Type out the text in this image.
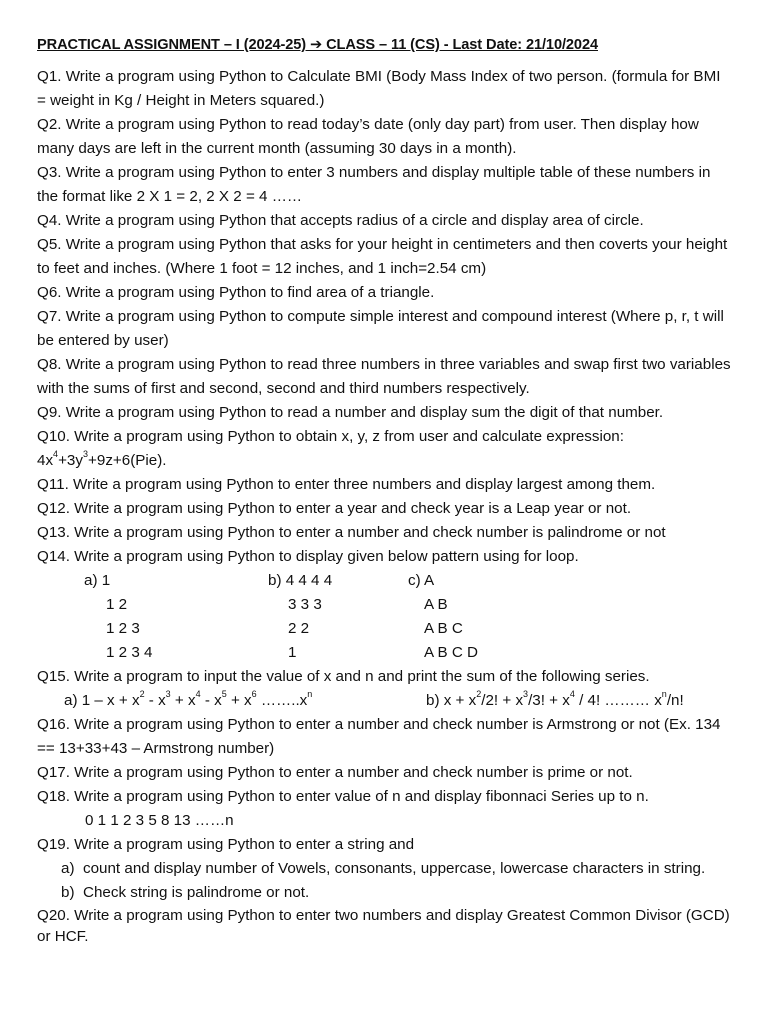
PRACTICAL ASSIGNMENT – I (2024-25) ➔ CLASS – 11 (CS) - Last Date: 21/10/2024

Q1. Write a program using Python to Calculate BMI (Body Mass Index of two person. (formula for BMI = weight in Kg / Height in Meters squared.)

Q2. Write a program using Python to read today’s date (only day part) from user. Then display how many days are left in the current month (assuming 30 days in a month).

Q3. Write a program using Python to enter 3 numbers and display multiple table of these numbers in the format like 2 X 1 = 2, 2 X 2 = 4 ……

Q4. Write a program using Python that accepts radius of a circle and display area of circle.

Q5. Write a program using Python that asks for your height in centimeters and then coverts your height to feet and inches. (Where 1 foot = 12 inches, and 1 inch=2.54 cm)

Q6. Write a program using Python to find area of a triangle.

Q7. Write a program using Python to compute simple interest and compound interest (Where p, r, t will be entered by user)

Q8. Write a program using Python to read three numbers in three variables and swap first two variables with the sums of first and second, second and third numbers respectively.

Q9. Write a program using Python to read a number and display sum the digit of that number.

Q10. Write a program using Python to obtain x, y, z from user and calculate expression:

$4x^4+3y^3+9z+6(Pie)$.

Q11. Write a program using Python to enter three numbers and display largest among them.

Q12. Write a program using Python to enter a year and check year is a Leap year or not.

Q13. Write a program using Python to enter a number and check number is palindrome or not

Q14. Write a program using Python to display given below pattern using for loop.

a) 1
1 2
1 2 3
1 2 3 4
b) 4 4 4 4
3 3 3
2 2
1
c) A
A B
A B C
A B C D

Q15. Write a program to input the value of x and n and print the sum of the following series.

a) $1 - x + x^2 - x^3 + x^4 - x^5 + x^6$ $\dots\dots..x^n$	b) $x + x^2/2$! + $x^3/3$! + $x^4 / 4$! ……… $x^n/n$!

Q16. Write a program using Python to enter a number and check number is Armstrong or not (Ex. 134 == 13+33+43 – Armstrong number)

Q17. Write a program using Python to enter a number and check number is prime or not.

Q18. Write a program using Python to enter value of n and display fibonnaci Series up to n.

0 1 1 2 3 5 8 13 ……n

Q19. Write a program using Python to enter a string and

a) count and display number of Vowels, consonants, uppercase, lowercase characters in string.
b) Check string is palindrome or not.

Q20. Write a program using Python to enter two numbers and display Greatest Common Divisor (GCD) or HCF.
